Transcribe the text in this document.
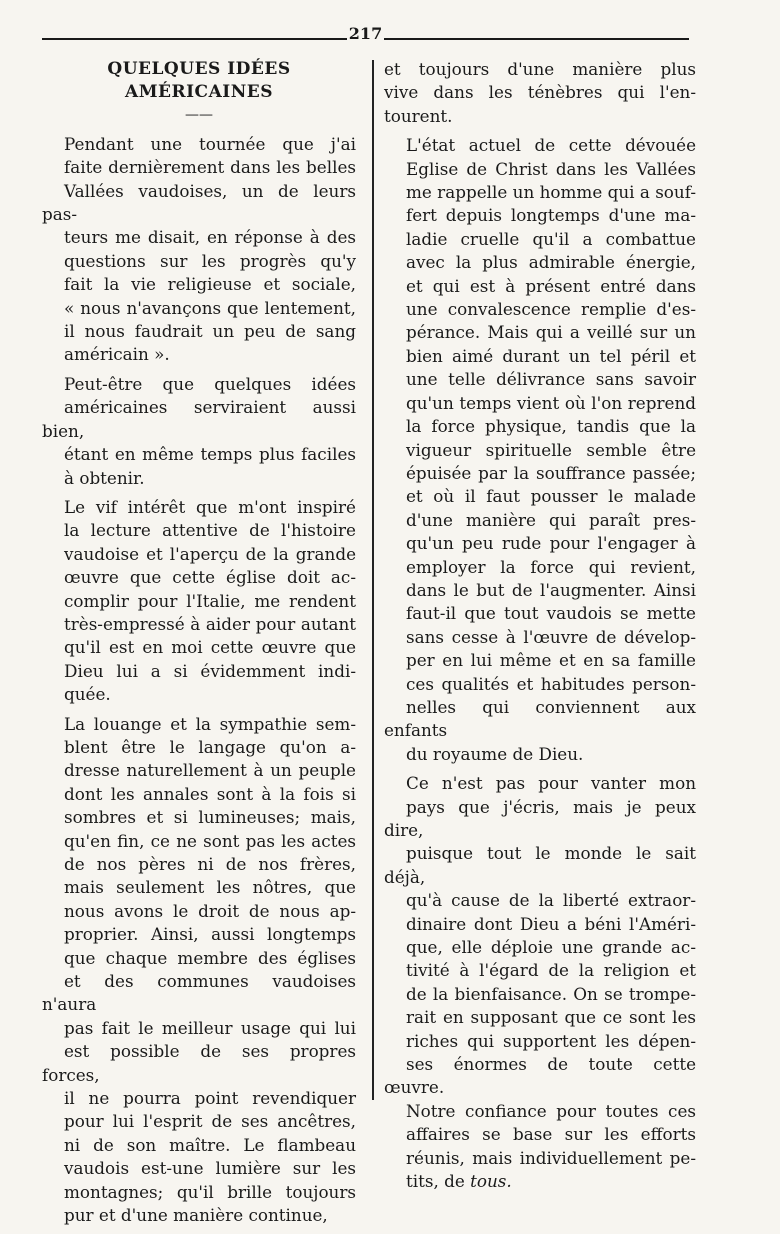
217
QUELQUES IDÉES AMÉRICAINES
——
Pendant une tournée que j'ai
faite dernièrement dans les belles
Vallées vaudoises, un de leurs pas-
teurs me disait, en réponse à des
questions sur les progrès qu'y
fait la vie religieuse et sociale,
« nous n'avançons que lentement,
il nous faudrait un peu de sang
américain ».
Peut-être que quelques idées
américaines serviraient aussi bien,
étant en même temps plus faciles
à obtenir.
Le vif intérêt que m'ont inspiré
la lecture attentive de l'histoire
vaudoise et l'aperçu de la grande
œuvre que cette église doit ac-
complir pour l'Italie, me rendent
très-empressé à aider pour autant
qu'il est en moi cette œuvre que
Dieu lui a si évidemment indi-
quée.
La louange et la sympathie sem-
blent être le langage qu'on a-
dresse naturellement à un peuple
dont les annales sont à la fois si
sombres et si lumineuses; mais,
qu'en fin, ce ne sont pas les actes
de nos pères ni de nos frères,
mais seulement les nôtres, que
nous avons le droit de nous ap-
proprier. Ainsi, aussi longtemps
que chaque membre des églises
et des communes vaudoises n'aura
pas fait le meilleur usage qui lui
est possible de ses propres forces,
il ne pourra point revendiquer
pour lui l'esprit de ses ancêtres,
ni de son maître. Le flambeau
vaudois est-une lumière sur les
montagnes; qu'il brille toujours
pur et d'une manière continue,
et toujours d'une manière plus
vive dans les ténèbres qui l'en-
tourent.
L'état actuel de cette dévouée
Eglise de Christ dans les Vallées
me rappelle un homme qui a souf-
fert depuis longtemps d'une ma-
ladie cruelle qu'il a combattue
avec la plus admirable énergie,
et qui est à présent entré dans
une convalescence remplie d'es-
pérance. Mais qui a veillé sur un
bien aimé durant un tel péril et
une telle délivrance sans savoir
qu'un temps vient où l'on reprend
la force physique, tandis que la
vigueur spirituelle semble être
épuisée par la souffrance passée;
et où il faut pousser le malade
d'une manière qui paraît pres-
qu'un peu rude pour l'engager à
employer la force qui revient,
dans le but de l'augmenter. Ainsi
faut-il que tout vaudois se mette
sans cesse à l'œuvre de dévelop-
per en lui même et en sa famille
ces qualités et habitudes person-
nelles qui conviennent aux enfants
du royaume de Dieu.
Ce n'est pas pour vanter mon
pays que j'écris, mais je peux dire,
puisque tout le monde le sait déjà,
qu'à cause de la liberté extraor-
dinaire dont Dieu a béni l'Améri-
que, elle déploie une grande ac-
tivité à l'égard de la religion et
de la bienfaisance. On se trompe-
rait en supposant que ce sont les
riches qui supportent les dépen-
ses énormes de toute cette œuvre.
Notre confiance pour toutes ces
affaires se base sur les efforts
réunis, mais individuellement pe-
tits, de tous.
